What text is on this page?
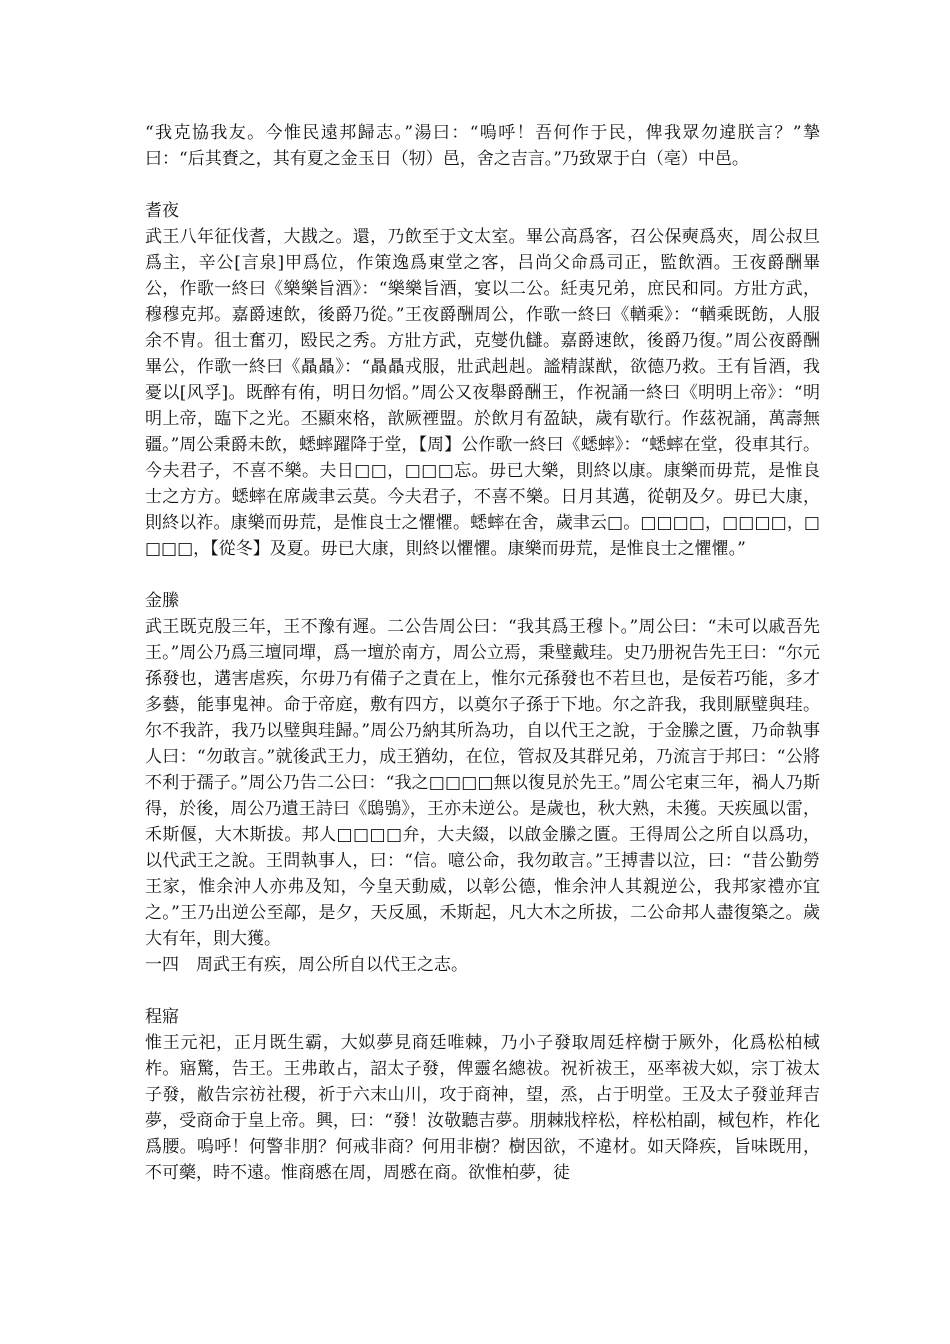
“我克協我友。今惟民遠邦歸志。”湯曰：“嗚呼！吾何作于民，俾我眾勿違朕言？”摯曰：“后其賚之，其有夏之金玉日（牣）邑，舍之吉言。”乃致眾于白（亳）中邑。

耆夜

武王八年征伐耆，大戡之。還，乃飲至于文太室。畢公高爲客，召公保奭爲夾，周公叔旦爲主，辛公[言泉]甲爲位，作策逸爲東堂之客，吕尚父命爲司正，監飲酒。王夜爵酬畢公，作歌一終曰《樂樂旨酒》：“樂樂旨酒，宴以二公。紝夷兄弟，庶民和同。方壯方武，穆穆克邦。嘉爵速飲，後爵乃從。”王夜爵酬周公，作歌一終曰《輶乘》：“輶乘既飭，人服余不胄。徂士奮刃，殹民之秀。方壯方武，克燮仇讎。嘉爵速飲，後爵乃復。”周公夜爵酬畢公，作歌一終曰《贔贔》：“贔贔戎服，壯武赳赳。謐精謀猷，欲德乃救。王有旨酒，我憂以[风孚]。既醉有侑，明日勿慆。”周公又夜舉爵酬王，作祝誦一終曰《明明上帝》：“明明上帝，臨下之光。丕顯來格，歆厥禋盟。於飲月有盈缺，歲有歇行。作茲祝誦，萬壽無疆。”周公秉爵未飲，蟋蟀躍降于堂，【周】公作歌一終曰《蟋蟀》：“蟋蟀在堂，役車其行。今夫君子，不喜不樂。夫日□□，□□□忘。毋已大樂，則終以康。康樂而毋荒，是惟良士之方方。蟋蟀在席歲聿云莫。今夫君子，不喜不樂。日月其邁，從朝及夕。毋已大康，則終以祚。康樂而毋荒，是惟良士之懼懼。蟋蟀在舍，歲聿云□。□□□□，□□□□，□□□□，【從冬】及夏。毋已大康，則終以懼懼。康樂而毋荒，是惟良士之懼懼。”

金縢

武王既克殷三年，王不豫有遲。二公告周公曰：“我其爲王穆卜。”周公曰：“未可以戚吾先王。”周公乃爲三壇同墠，爲一壇於南方，周公立焉，秉璧戴珪。史乃册祝告先王曰：“尔元孫發也，遘害虐疾，尔毋乃有備子之責在上，惟尔元孫發也不若旦也，是佞若巧能，多才多藝，能事鬼神。命于帝庭，敷有四方，以奠尔子孫于下地。尔之許我，我則厭璧與珪。尔不我許，我乃以璧與珪歸。”周公乃納其所為功，自以代王之說，于金縢之匱，乃命執事人曰：“勿敢言。”就後武王力，成王猶幼，在位，管叔及其群兄弟，乃流言于邦曰：“公將不利于孺子。”周公乃告二公曰：“我之□□□□無以復見於先王。”周公宅東三年，禍人乃斯得，於後，周公乃遺王詩曰《鴟鴞》，王亦未逆公。是歲也，秋大熟，未獲。天疾風以雷，禾斯偃，大木斯拔。邦人□□□□弁，大夫綴，以啟金縢之匱。王得周公之所自以爲功，以代武王之說。王問執事人，曰：“信。噫公命，我勿敢言。”王搏書以泣，曰：“昔公勤勞王家，惟余沖人亦弗及知，今皇天動威，以彰公德，惟余沖人其親逆公，我邦家禮亦宜之。”王乃出逆公至鄗，是夕，天反風，禾斯起，凡大木之所拔，二公命邦人盡復築之。歲大有年，則大獲。

一四　周武王有疾，周公所自以代王之志。

程寤

惟王元祀，正月既生霸，大姒夢見商廷唯棘，乃小子發取周廷梓樹于厥外，化爲松柏棫柞。寤驚，告王。王弗敢占，詔太子發，俾靈名總祓。祝祈祓王，巫率祓大姒，宗丁祓太子發，敝告宗祊社稷，祈于六末山川，攻于商神，望，烝，占于明堂。王及太子發並拜吉夢，受商命于皇上帝。興，曰：“發！汝敬聽吉夢。朋棘戕梓松，梓松柏副，棫包柞，柞化爲腰。嗚呼！何警非朋？何戒非商？何用非樹？樹因欲，不違材。如天降疾，旨味既用，不可藥，時不遠。惟商慼在周，周慼在商。欲惟柏夢，徒
